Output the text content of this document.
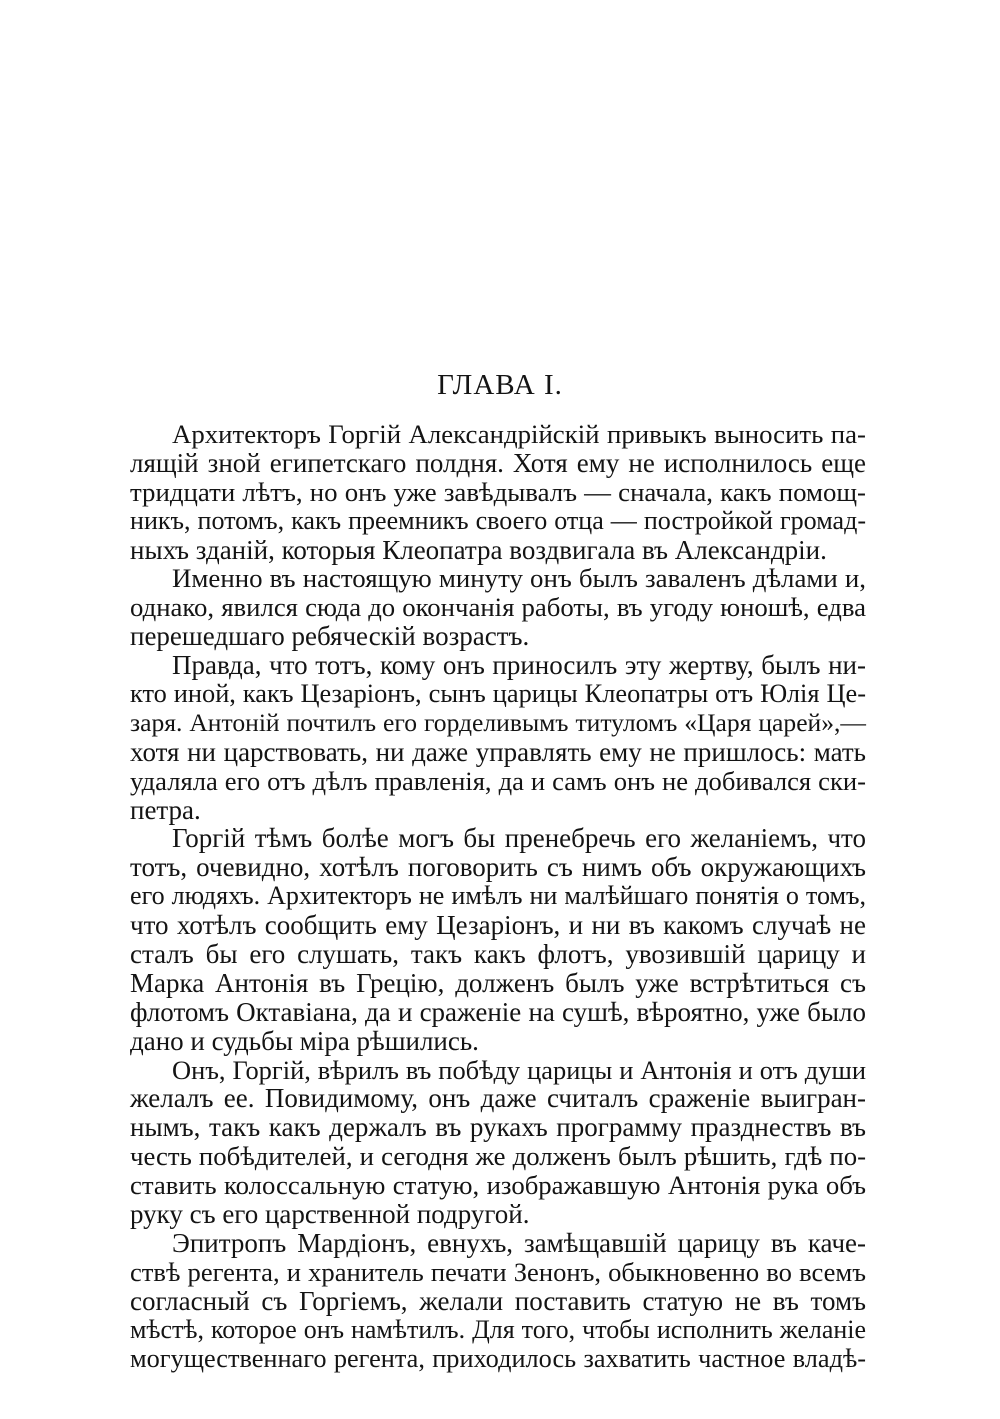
ГЛАВА I.
Архитекторъ Горгій Александрійскій привыкъ выносить па-
лящій зной египетскаго полдня. Хотя ему не исполнилось еще
тридцати лѣтъ, но онъ уже завѣдывалъ — сначала, какъ помощ-
никъ, потомъ, какъ преемникъ своего отца — постройкой громад-
ныхъ зданій, которыя Клеопатра воздвигала въ Александріи.
Именно въ настоящую минуту онъ былъ заваленъ дѣлами и,
однако, явился сюда до окончанія работы, въ угоду юношѣ, едва
перешедшаго ребяческій возрастъ.
Правда, что тотъ, кому онъ приносилъ эту жертву, былъ ни-
кто иной, какъ Цезаріонъ, сынъ царицы Клеопатры отъ Юлія Це-
заря. Антоній почтилъ его горделивымъ титуломъ «Царя царей»,—
хотя ни царствовать, ни даже управлять ему не пришлось: мать
удаляла его отъ дѣлъ правленія, да и самъ онъ не добивался ски-
петра.
Горгій тѣмъ болѣе могъ бы пренебречь его желаніемъ, что
тотъ, очевидно, хотѣлъ поговорить съ нимъ объ окружающихъ
его людяхъ. Архитекторъ не имѣлъ ни малѣйшаго понятія о томъ,
что хотѣлъ сообщить ему Цезаріонъ, и ни въ какомъ случаѣ не
сталъ бы его слушать, такъ какъ флотъ, увозившій царицу и
Марка Антонія въ Грецію, долженъ былъ уже встрѣтиться съ
флотомъ Октавіана, да и сраженіе на сушѣ, вѣроятно, уже было
дано и судьбы міра рѣшились.
Онъ, Горгій, вѣрилъ въ побѣду царицы и Антонія и отъ души
желалъ ее. Повидимому, онъ даже считалъ сраженіе выигран-
нымъ, такъ какъ держалъ въ рукахъ программу празднествъ въ
честь побѣдителей, и сегодня же долженъ былъ рѣшить, гдѣ по-
ставить колоссальную статую, изображавшую Антонія рука объ
руку съ его царственной подругой.
Эпитропъ Мардіонъ, евнухъ, замѣщавшій царицу въ каче-
ствѣ регента, и хранитель печати Зенонъ, обыкновенно во всемъ
согласный съ Горгіемъ, желали поставить статую не въ томъ
мѣстѣ, которое онъ намѣтилъ. Для того, чтобы исполнить желаніе
могущественнаго регента, приходилось захватить частное владѣ-
